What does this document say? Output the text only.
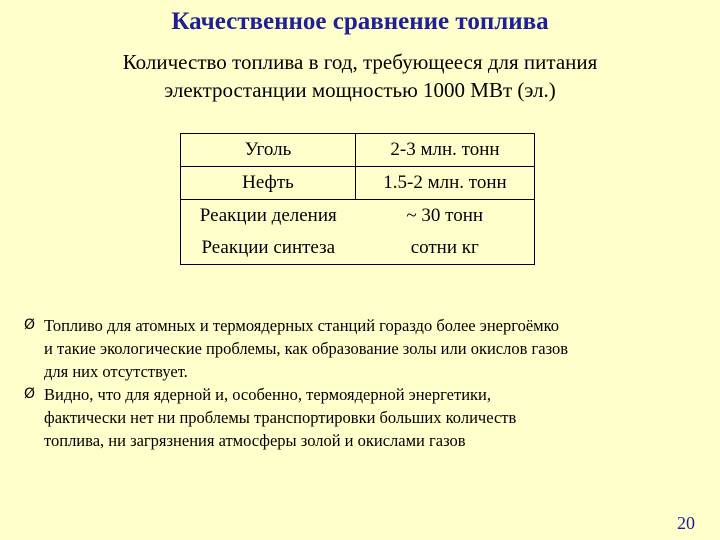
Качественное сравнение топлива
Количество топлива в год, требующееся для питания
электростанции мощностью 1000 МВт (эл.)
Уголь	2-3 млн. тонн
Нефть	1.5-2 млн. тонн
Реакции деления	~ 30 тонн
Реакции синтеза	сотни кг
Ø Топливо для атомных и термоядерных станций гораздо более энергоёмко
и такие экологические проблемы, как образование золы или окислов газов
для них отсутствует.
Ø Видно, что для ядерной и, особенно, термоядерной энергетики,
фактически нет ни проблемы транспортировки больших количеств
топлива, ни загрязнения атмосферы золой и окислами газов
20
